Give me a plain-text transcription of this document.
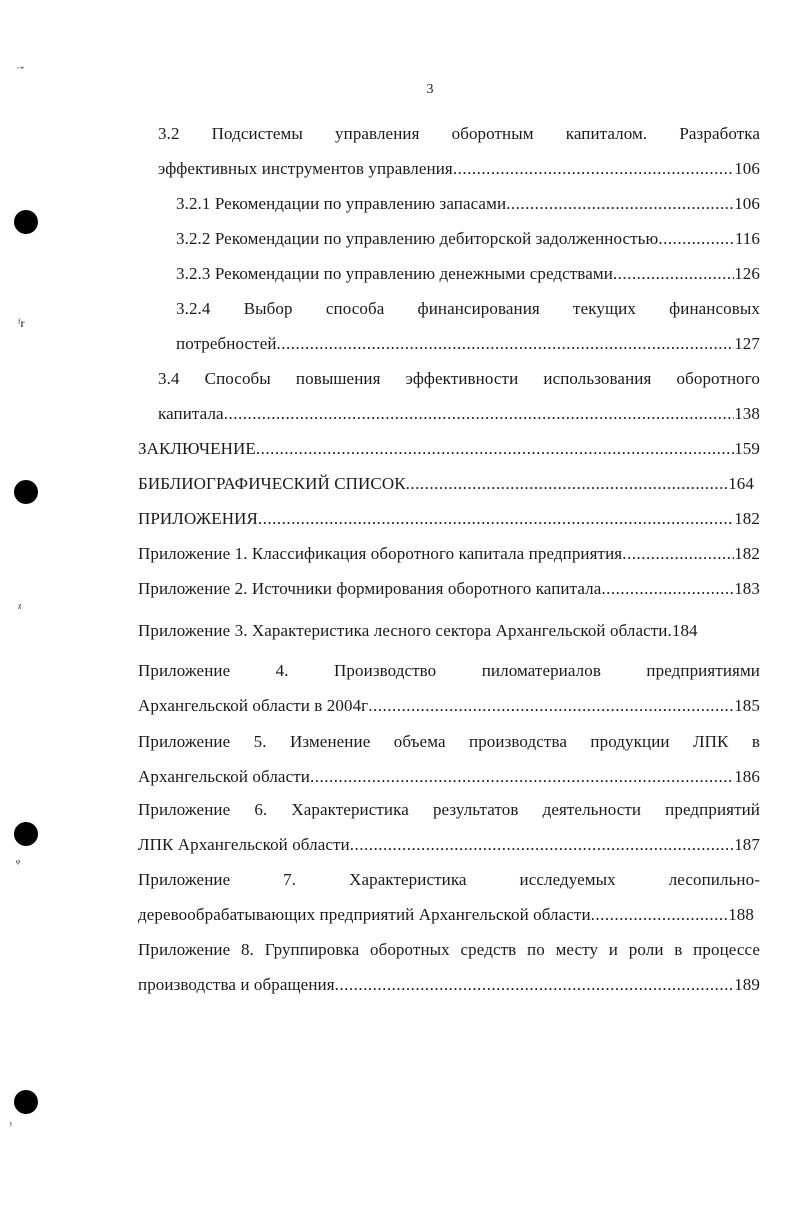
˙ˇ
ᶠr
ᵡ
ᵠ
ᵎ
3
3.2 Подсистемы управления оборотным капиталом. Разработка
эффективных инструментов управления .....	106
3.2.1 Рекомендации по управлению запасами .....	106
3.2.2 Рекомендации по управлению дебиторской задолженностью .....	116
3.2.3 Рекомендации по управлению денежными средствами .....	126
3.2.4 Выбор способа финансирования текущих финансовых
потребностей .....	127
3.4 Способы повышения эффективности использования оборотного
капитала .....	138
ЗАКЛЮЧЕНИЕ .....	159
БИБЛИОГРАФИЧЕСКИЙ СПИСОК .....	164
ПРИЛОЖЕНИЯ .....	182
Приложение 1. Классификация оборотного капитала предприятия .....	182
Приложение 2. Источники формирования оборотного капитала .....	183
Приложение 3. Характеристика лесного сектора Архангельской области.184
Приложение 4. Производство пиломатериалов предприятиями
Архангельской области в 2004г .....	185
Приложение 5. Изменение объема производства продукции ЛПК в
Архангельской области .....	186
Приложение 6. Характеристика результатов деятельности предприятий
ЛПК Архангельской области .....	187
Приложение 7. Характеристика исследуемых лесопильно-
деревообрабатывающих предприятий Архангельской области .....	188
Приложение 8. Группировка оборотных средств по месту и роли в процессе
производства и обращения .....	189
